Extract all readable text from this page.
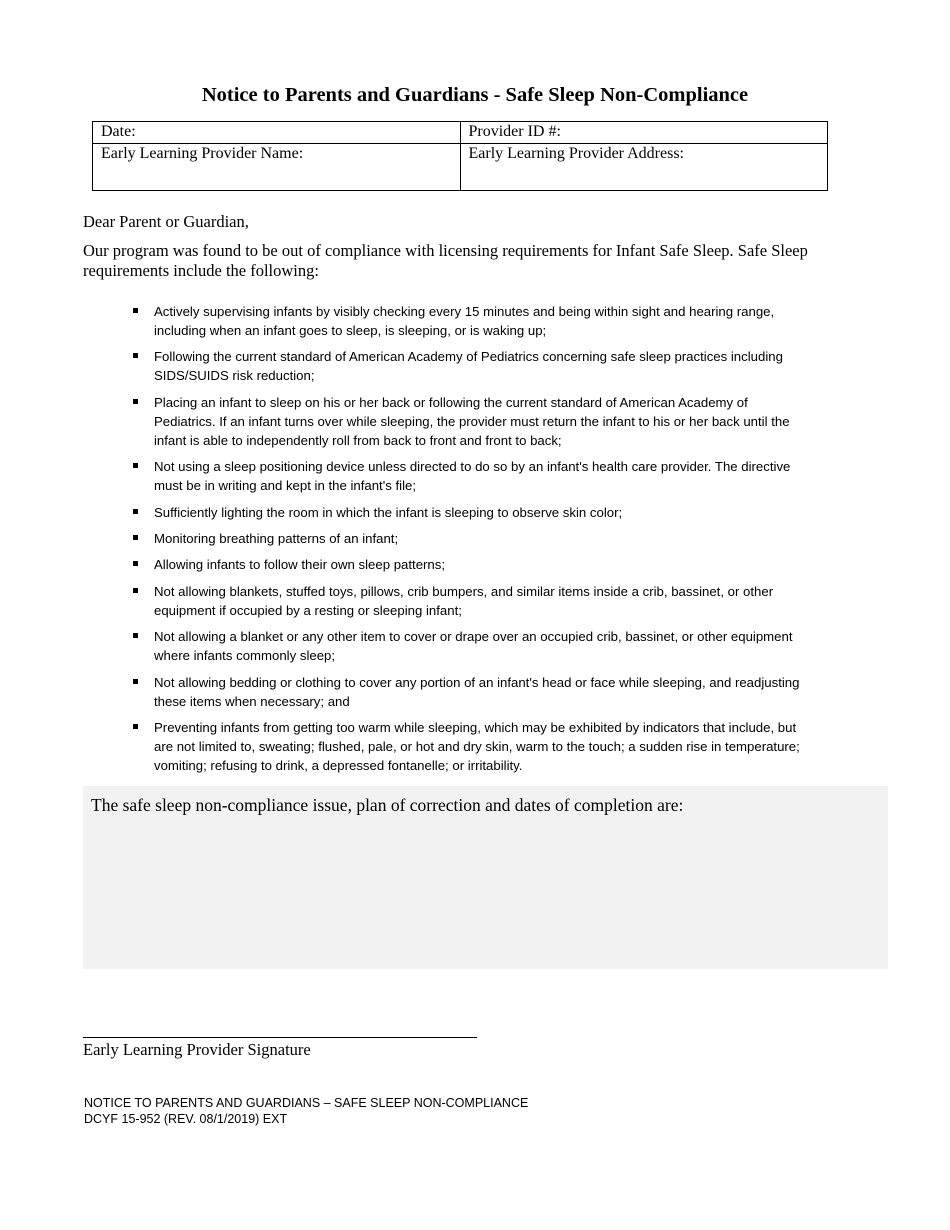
Notice to Parents and Guardians - Safe Sleep Non-Compliance
Date:	Provider ID #:
Early Learning Provider Name:	Early Learning Provider Address:
Dear Parent or Guardian,
Our program was found to be out of compliance with licensing requirements for Infant Safe Sleep. Safe Sleep requirements include the following:
Actively supervising infants by visibly checking every 15 minutes and being within sight and hearing range, including when an infant goes to sleep, is sleeping, or is waking up;
Following the current standard of American Academy of Pediatrics concerning safe sleep practices including SIDS/SUIDS risk reduction;
Placing an infant to sleep on his or her back or following the current standard of American Academy of Pediatrics. If an infant turns over while sleeping, the provider must return the infant to his or her back until the infant is able to independently roll from back to front and front to back;
Not using a sleep positioning device unless directed to do so by an infant's health care provider. The directive must be in writing and kept in the infant's file;
Sufficiently lighting the room in which the infant is sleeping to observe skin color;
Monitoring breathing patterns of an infant;
Allowing infants to follow their own sleep patterns;
Not allowing blankets, stuffed toys, pillows, crib bumpers, and similar items inside a crib, bassinet, or other equipment if occupied by a resting or sleeping infant;
Not allowing a blanket or any other item to cover or drape over an occupied crib, bassinet, or other equipment where infants commonly sleep;
Not allowing bedding or clothing to cover any portion of an infant's head or face while sleeping, and readjusting these items when necessary; and
Preventing infants from getting too warm while sleeping, which may be exhibited by indicators that include, but are not limited to, sweating; flushed, pale, or hot and dry skin, warm to the touch; a sudden rise in temperature; vomiting; refusing to drink, a depressed fontanelle; or irritability.
The safe sleep non-compliance issue, plan of correction and dates of completion are:
Early Learning Provider Signature
NOTICE TO PARENTS AND GUARDIANS – SAFE SLEEP NON-COMPLIANCE
DCYF 15-952 (REV. 08/1/2019) EXT
